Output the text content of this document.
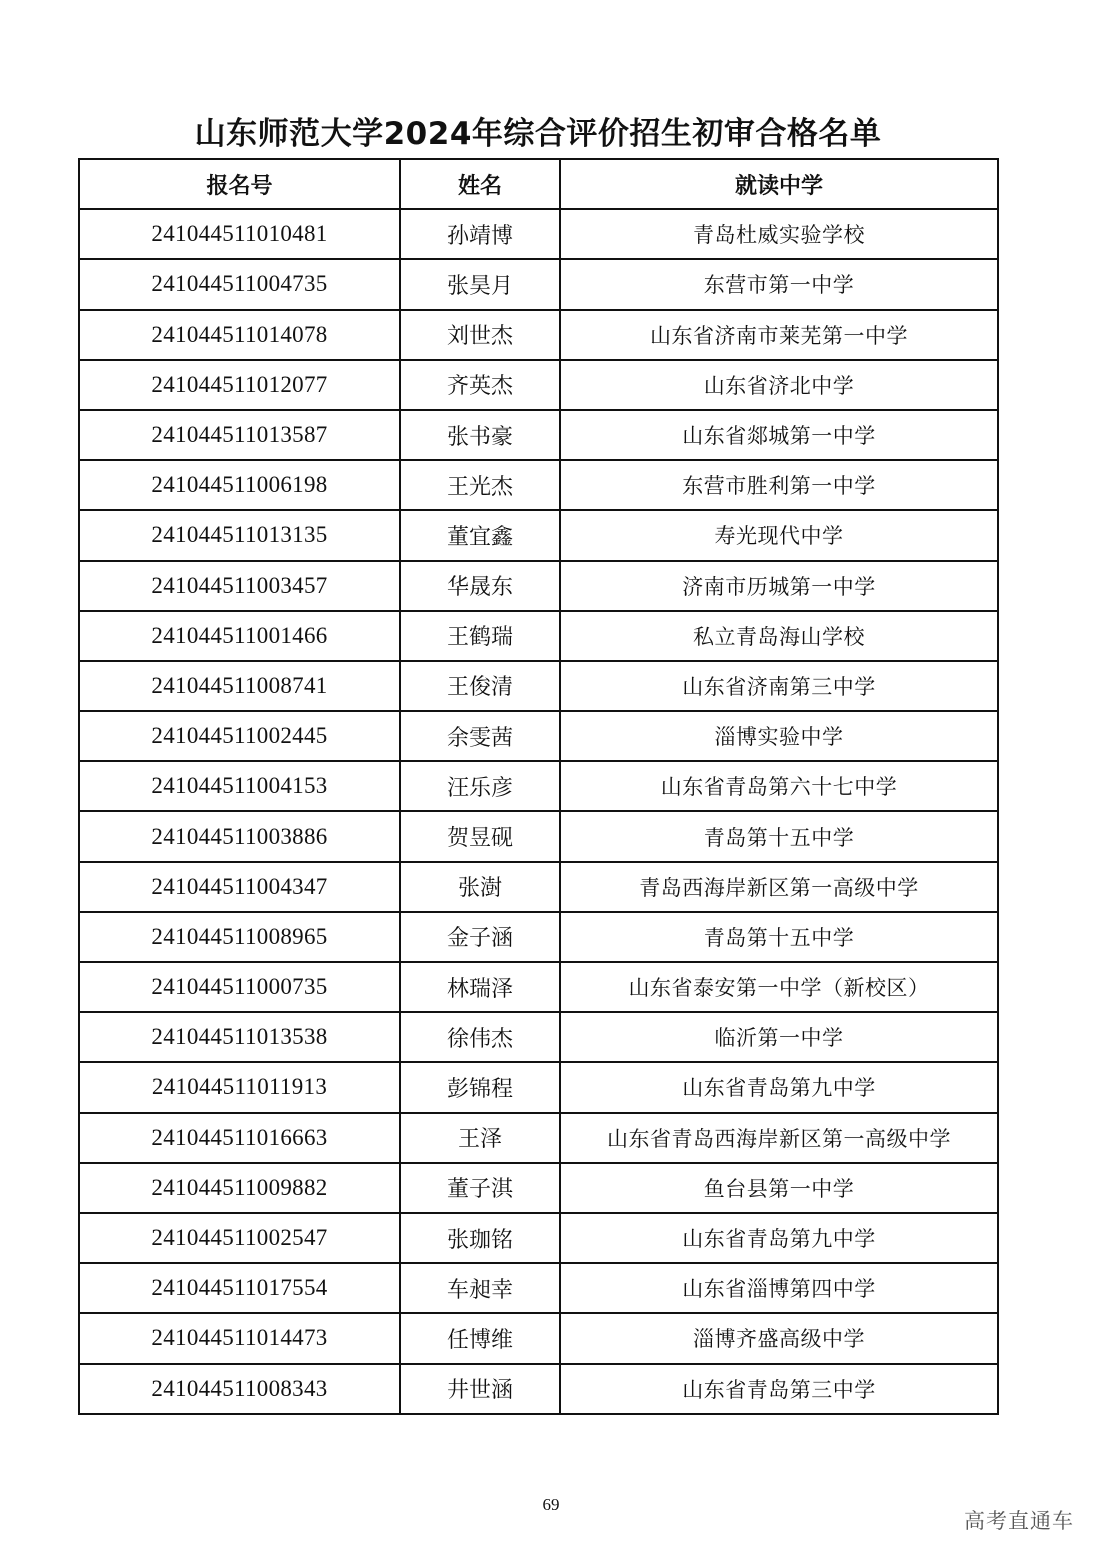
山东师范大学2024年综合评价招生初审合格名单
报名号	姓名	就读中学
241044511010481	孙靖博	青岛杜威实验学校
241044511004735	张昊月	东营市第一中学
241044511014078	刘世杰	山东省济南市莱芜第一中学
241044511012077	齐英杰	山东省济北中学
241044511013587	张书豪	山东省郯城第一中学
241044511006198	王光杰	东营市胜利第一中学
241044511013135	董宜鑫	寿光现代中学
241044511003457	华晟东	济南市历城第一中学
241044511001466	王鹤瑞	私立青岛海山学校
241044511008741	王俊清	山东省济南第三中学
241044511002445	余雯茜	淄博实验中学
241044511004153	汪乐彦	山东省青岛第六十七中学
241044511003886	贺昱砚	青岛第十五中学
241044511004347	张澍	青岛西海岸新区第一高级中学
241044511008965	金子涵	青岛第十五中学
241044511000735	林瑞泽	山东省泰安第一中学（新校区）
241044511013538	徐伟杰	临沂第一中学
241044511011913	彭锦程	山东省青岛第九中学
241044511016663	王泽	山东省青岛西海岸新区第一高级中学
241044511009882	董子淇	鱼台县第一中学
241044511002547	张珈铭	山东省青岛第九中学
241044511017554	车昶幸	山东省淄博第四中学
241044511014473	任博维	淄博齐盛高级中学
241044511008343	井世涵	山东省青岛第三中学
69
高考直通车
